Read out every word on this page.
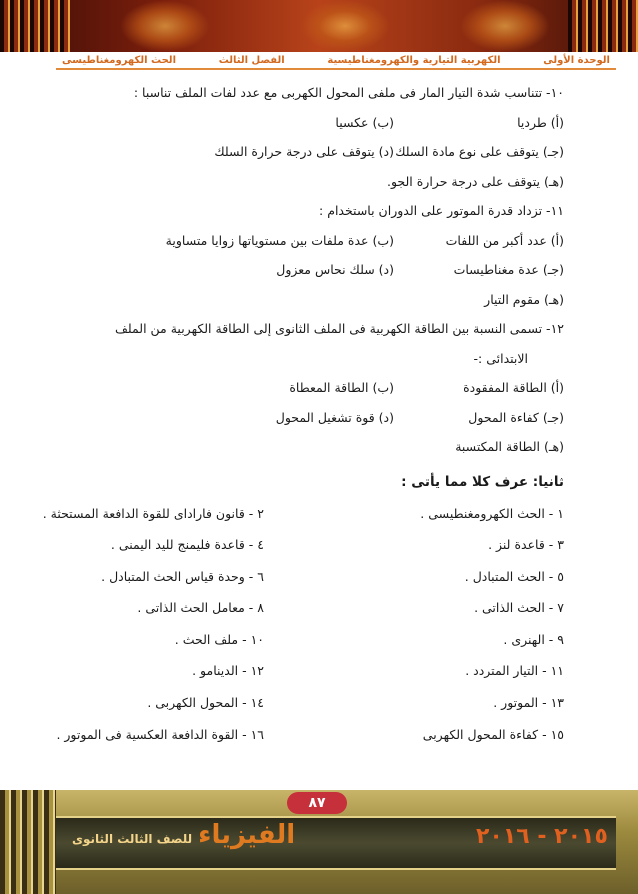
الوحدة الأولى
الكهربية التيارية والكهرومغناطيسية
الفصل الثالث
الحث الكهرومغناطيسى
١٠- تتناسب شدة التيار المار فى ملفى المحول الكهربى مع عدد لفات الملف تناسبا :
(أ) طرديا
(ب) عكسيا
(جـ) يتوقف على نوع مادة السلك
(د) يتوقف على درجة حرارة السلك
(هـ) يتوقف على درجة حرارة الجو.
١١- تزداد قدرة الموتور على الدوران باستخدام :
(أ) عدد أكبر من اللفات
(ب) عدة ملفات بين مستوياتها زوايا متساوية
(جـ) عدة مغناطيسات
(د) سلك نحاس معزول
(هـ) مقوم التيار
١٢- تسمى النسبة بين الطاقة الكهربية فى الملف الثانوى إلى الطاقة الكهربية من الملف
الابتدائى :-
(أ) الطاقة المفقودة
(ب) الطاقة المعطاة
(جـ) كفاءة المحول
(د) قوة تشغيل المحول
(هـ) الطاقة المكتسبة
ثانيا: عرف كلا مما يأتى :
١ - الحث الكهرومغنطيسى .
٢ - قانون فاراداى للقوة الدافعة المستحثة .
٣ - قاعدة لنز .
٤ - قاعدة فليمنج لليد اليمنى .
٥ - الحث المتبادل .
٦ - وحدة قياس الحث المتبادل .
٧ - الحث الذاتى .
٨ - معامل الحث الذاتى .
٩ - الهنرى .
١٠ - ملف الحث .
١١ - التيار المتردد .
١٢ - الدينامو .
١٣ - الموتور .
١٤ - المحول الكهربى .
١٥ - كفاءة المحول الكهربى
١٦ - القوة الدافعة العكسية فى الموتور .
٨٧
٢٠١٥ - ٢٠١٦
الفيزياء
للصف الثالث الثانوى
